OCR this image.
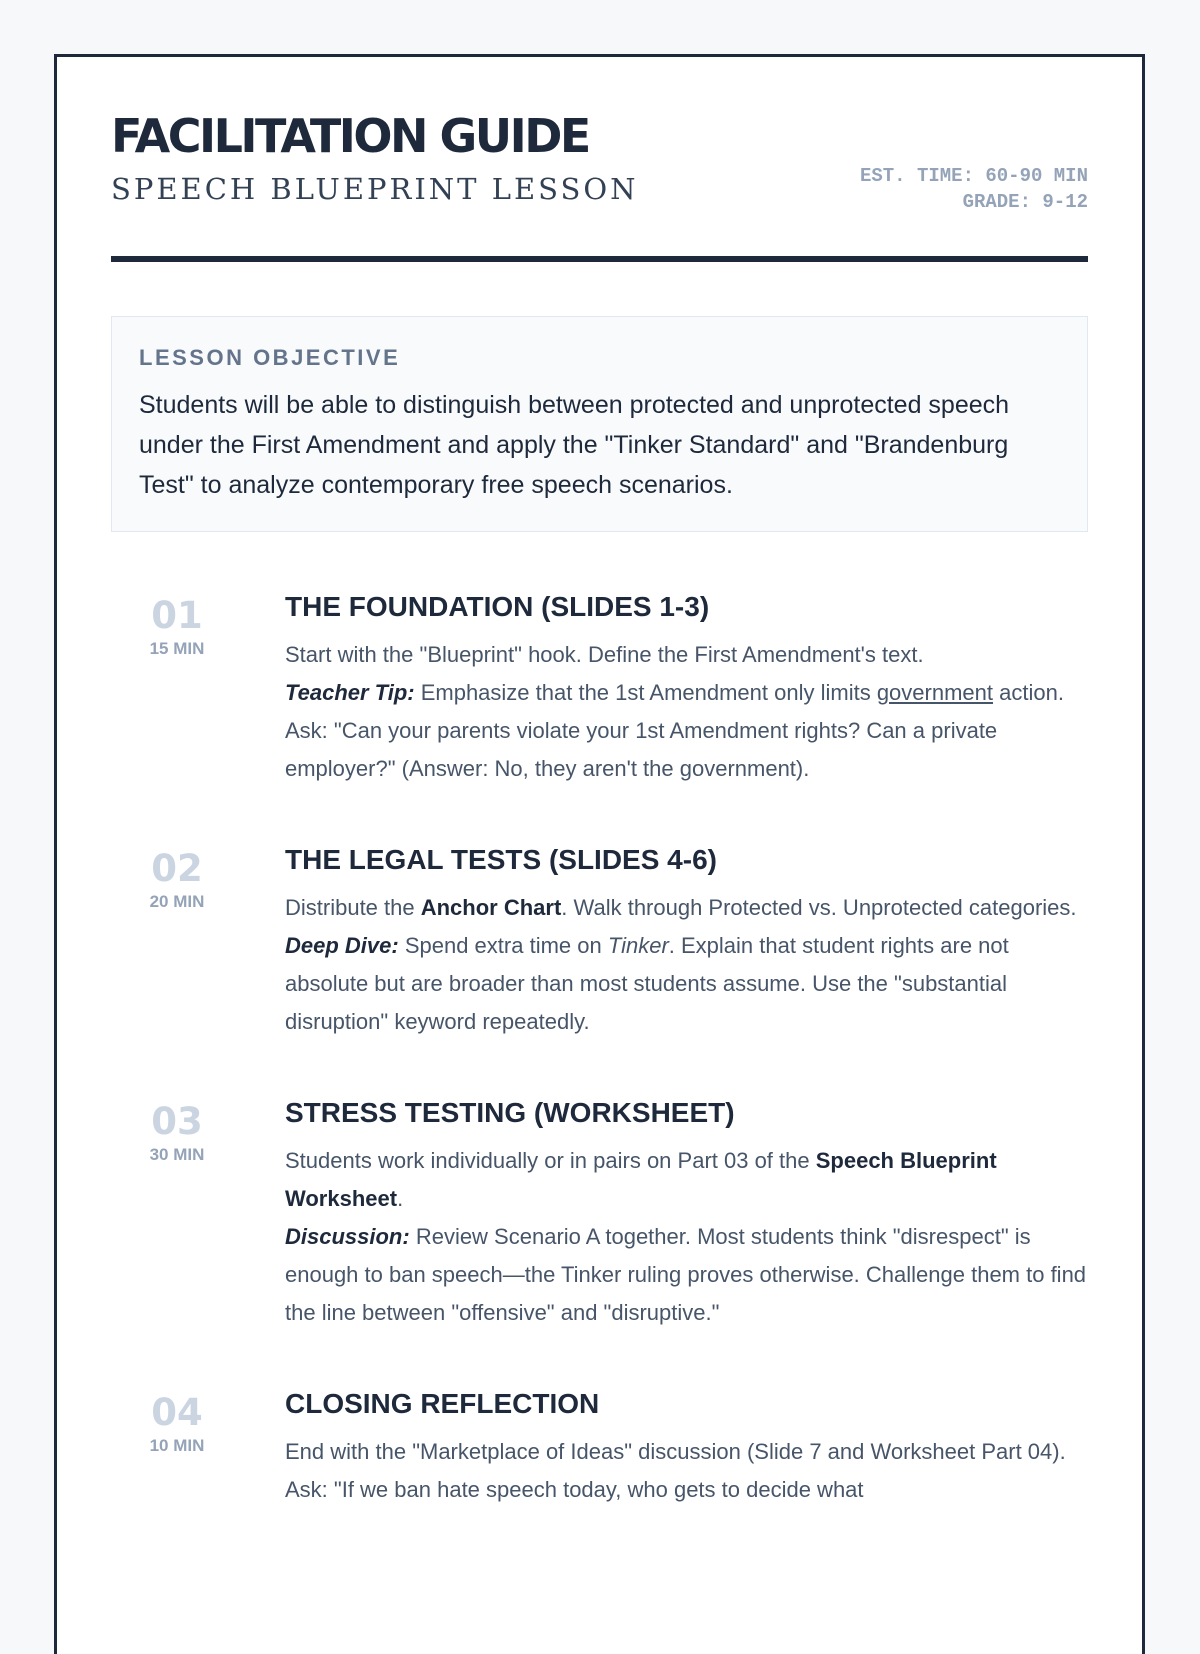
FACILITATION GUIDE
SPEECH BLUEPRINT LESSON	EST. TIME: 60-90 MIN
GRADE: 9-12
LESSON OBJECTIVE
Students will be able to distinguish between protected and unprotected speech under the First Amendment and apply the "Tinker Standard" and "Brandenburg Test" to analyze contemporary free speech scenarios.
01
15 MIN
THE FOUNDATION (SLIDES 1-3)

Start with the "Blueprint" hook. Define the First Amendment's text.

Teacher Tip: Emphasize that the 1st Amendment only limits government action. Ask: "Can your parents violate your 1st Amendment rights? Can a private employer?" (Answer: No, they aren't the government).

02
20 MIN
THE LEGAL TESTS (SLIDES 4-6)

Distribute the Anchor Chart. Walk through Protected vs. Unprotected categories.

Deep Dive: Spend extra time on Tinker. Explain that student rights are not absolute but are broader than most students assume. Use the "substantial disruption" keyword repeatedly.

03
30 MIN
STRESS TESTING (WORKSHEET)

Students work individually or in pairs on Part 03 of the Speech Blueprint Worksheet.

Discussion: Review Scenario A together. Most students think "disrespect" is enough to ban speech—the Tinker ruling proves otherwise. Challenge them to find the line between "offensive" and "disruptive."

04
10 MIN
CLOSING REFLECTION

End with the "Marketplace of Ideas" discussion (Slide 7 and Worksheet Part 04). Ask: "If we ban hate speech today, who gets to decide what
